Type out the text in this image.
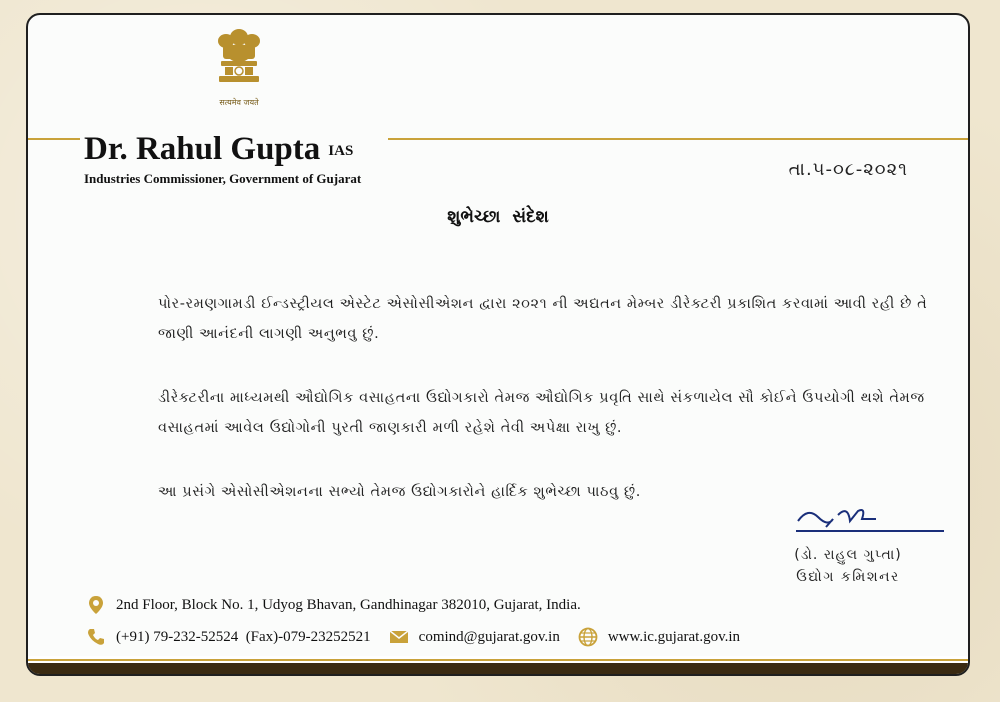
सत्यमेव जयते
Dr. Rahul Gupta IAS
Industries Commissioner, Government of Gujarat	તા.૫-૦૮-૨૦૨૧
શુભેચ્છા સંદેશ
પોર-રમણગામડી ઈન્ડસ્ટ્રીયલ એસ્ટેટ એસોસીએશન દ્વારા ૨૦૨૧ ની અદ્યતન મેમ્બર ડીરેક્ટરી પ્રકાશિત કરવામાં આવી રહી છે તે જાણી આનંદની લાગણી અનુભવુ છું.
ડીરેક્ટરીના માધ્યમથી ઔદ્યોગિક વસાહતના ઉદ્યોગકારો તેમજ ઔદ્યોગિક પ્રવૃતિ સાથે સંકળાયેલ સૌ કોઈને ઉપયોગી થશે તેમજ વસાહતમાં આવેલ ઉદ્યોગોની પુરતી જાણકારી મળી રહેશે તેવી અપેક્ષા રાખુ છું.
આ પ્રસંગે એસોસીએશનના સભ્યો તેમજ ઉદ્યોગકારોને હાર્દિક શુભેચ્છા પાઠવુ છું.
(ડો. રાહુલ ગુપ્તા)
ઉદ્યોગ કમિશનર
2nd Floor, Block No. 1, Udyog Bhavan, Gandhinagar 382010, Gujarat, India.
(+91) 79-232-52524  (Fax)-079-23252521	comind@gujarat.gov.in	www.ic.gujarat.gov.in
